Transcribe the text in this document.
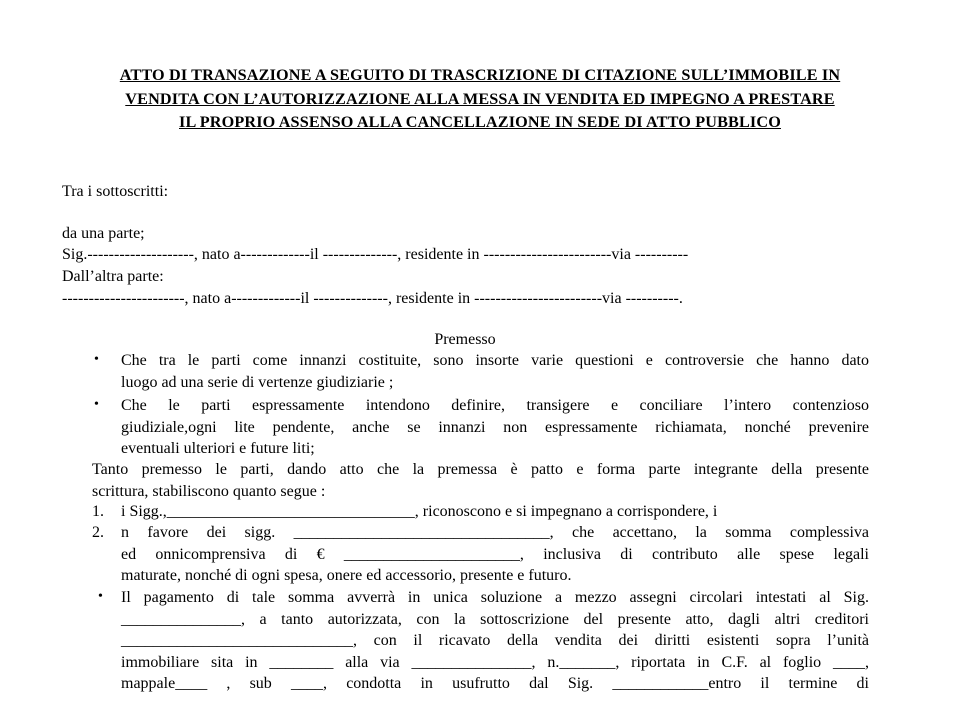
ATTO DI TRANSAZIONE A SEGUITO DI TRASCRIZIONE DI CITAZIONE SULL’IMMOBILE IN
VENDITA CON L’AUTORIZZAZIONE ALLA MESSA IN VENDITA ED IMPEGNO A PRESTARE
IL PROPRIO ASSENSO ALLA CANCELLAZIONE IN SEDE DI ATTO PUBBLICO
Tra i sottoscritti:
da una parte;
Sig.--------------------, nato a-------------il --------------, residente in ------------------------via ----------
Dall’altra parte:
-----------------------, nato a-------------il --------------, residente in ------------------------via ----------.
Premesso
• Che tra le parti come innanzi costituite, sono insorte varie questioni e controversie che hanno dato
luogo ad una serie di vertenze giudiziarie ;
• Che le parti espressamente intendono definire, transigere e conciliare l’intero contenzioso
giudiziale,ogni lite pendente, anche se innanzi non espressamente richiamata, nonché prevenire
eventuali ulteriori e future liti;
Tanto premesso le parti, dando atto che la premessa è patto e forma parte integrante della presente
scrittura, stabiliscono quanto segue :
1. i Sigg.,_______________________________, riconoscono e si impegnano a corrispondere, i
2. n favore dei sigg. ________________________________, che accettano, la somma complessiva
ed onnicomprensiva di € ______________________, inclusiva di contributo alle spese legali
maturate, nonché di ogni spesa, onere ed accessorio, presente e futuro.
• Il pagamento di tale somma avverrà in unica soluzione a mezzo assegni circolari intestati al Sig.
_______________, a tanto autorizzata, con la sottoscrizione del presente atto, dagli altri creditori
_____________________________, con il ricavato della vendita dei diritti esistenti sopra l’unità
immobiliare sita in ________ alla via _______________, n._______, riportata in C.F. al foglio ____,
mappale____ , sub ____, condotta in usufrutto dal Sig. ____________entro il termine di
